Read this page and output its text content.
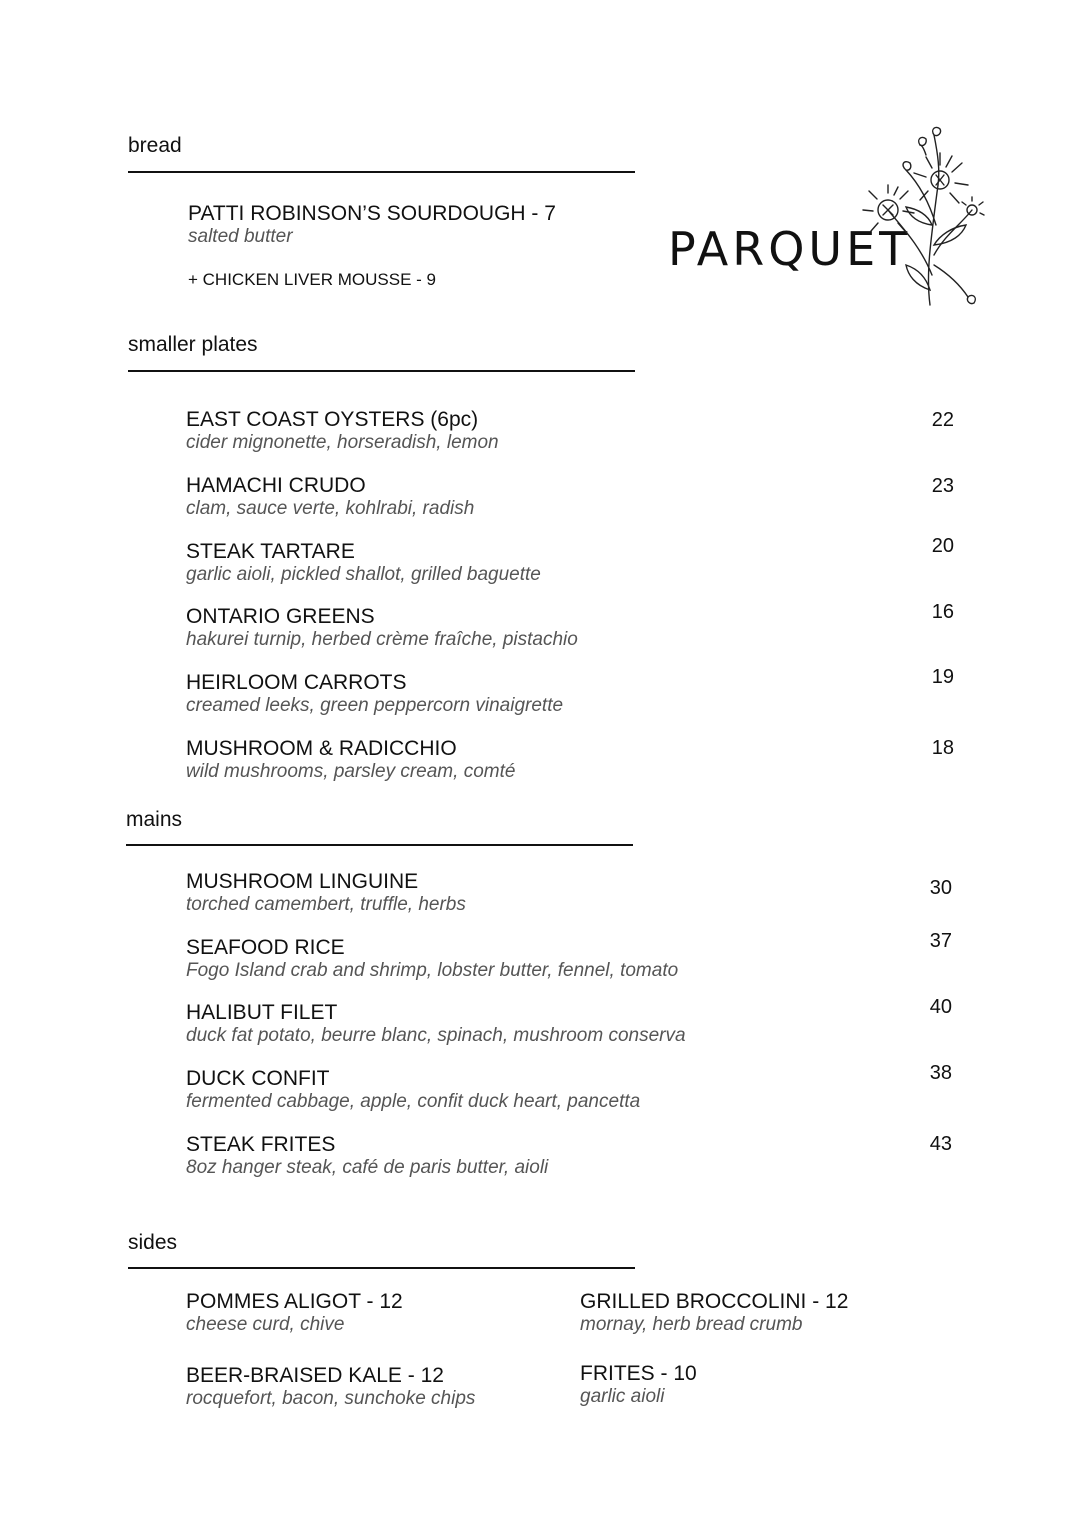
bread
PATTI ROBINSON’S SOURDOUGH - 7
salted butter
+ CHICKEN LIVER MOUSSE - 9
PARQUET
smaller plates
EAST COAST OYSTERS (6pc)
cider mignonette, horseradish, lemon
22
HAMACHI CRUDO
clam, sauce verte, kohlrabi, radish
23
STEAK TARTARE
garlic aioli, pickled shallot, grilled baguette
20
ONTARIO GREENS
hakurei turnip, herbed crème fraîche, pistachio
16
HEIRLOOM CARROTS
creamed leeks, green peppercorn vinaigrette
19
MUSHROOM & RADICCHIO
wild mushrooms, parsley cream, comté
18
mains
MUSHROOM LINGUINE
torched camembert, truffle, herbs
30
SEAFOOD RICE
Fogo Island crab and shrimp, lobster butter, fennel, tomato
37
HALIBUT FILET
duck fat potato, beurre blanc, spinach, mushroom conserva
40
DUCK CONFIT
fermented cabbage, apple, confit duck heart, pancetta
38
STEAK FRITES
8oz hanger steak, café de paris butter, aioli
43
sides
POMMES ALIGOT - 12
cheese curd, chive
GRILLED BROCCOLINI - 12
mornay, herb bread crumb
BEER-BRAISED KALE - 12
rocquefort, bacon, sunchoke chips
FRITES - 10
garlic aioli
